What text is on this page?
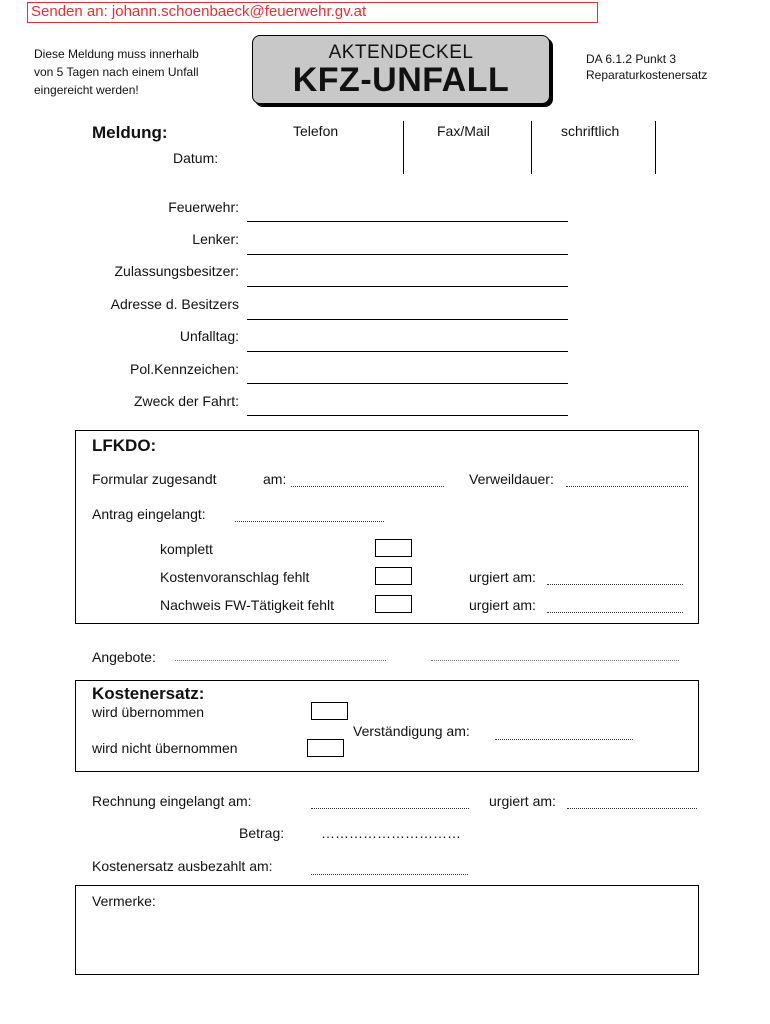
Senden an: johann.schoenbaeck@feuerwehr.gv.at
Diese Meldung muss innerhalb
von 5 Tagen nach einem Unfall
eingereicht werden!
AKTENDECKEL
KFZ-UNFALL
DA 6.1.2 Punkt 3
Reparaturkostenersatz
Meldung:	Telefon	Fax/Mail	schriftlich
Datum:
Feuerwehr:
Lenker:
Zulassungsbesitzer:
Adresse d. Besitzers
Unfalltag:
Pol.Kennzeichen:
Zweck der Fahrt:
LFKDO:
Formular zugesandt	am:	Verweildauer:
Antrag eingelangt:
komplett
Kostenvoranschlag fehlt	urgiert am:
Nachweis FW-Tätigkeit fehlt	urgiert am:
Angebote:
Kostenersatz:
wird übernommen
Verständigung am:
wird nicht übernommen
Rechnung eingelangt am:	urgiert am:
Betrag:	…………………………
Kostenersatz ausbezahlt am:
Vermerke:
